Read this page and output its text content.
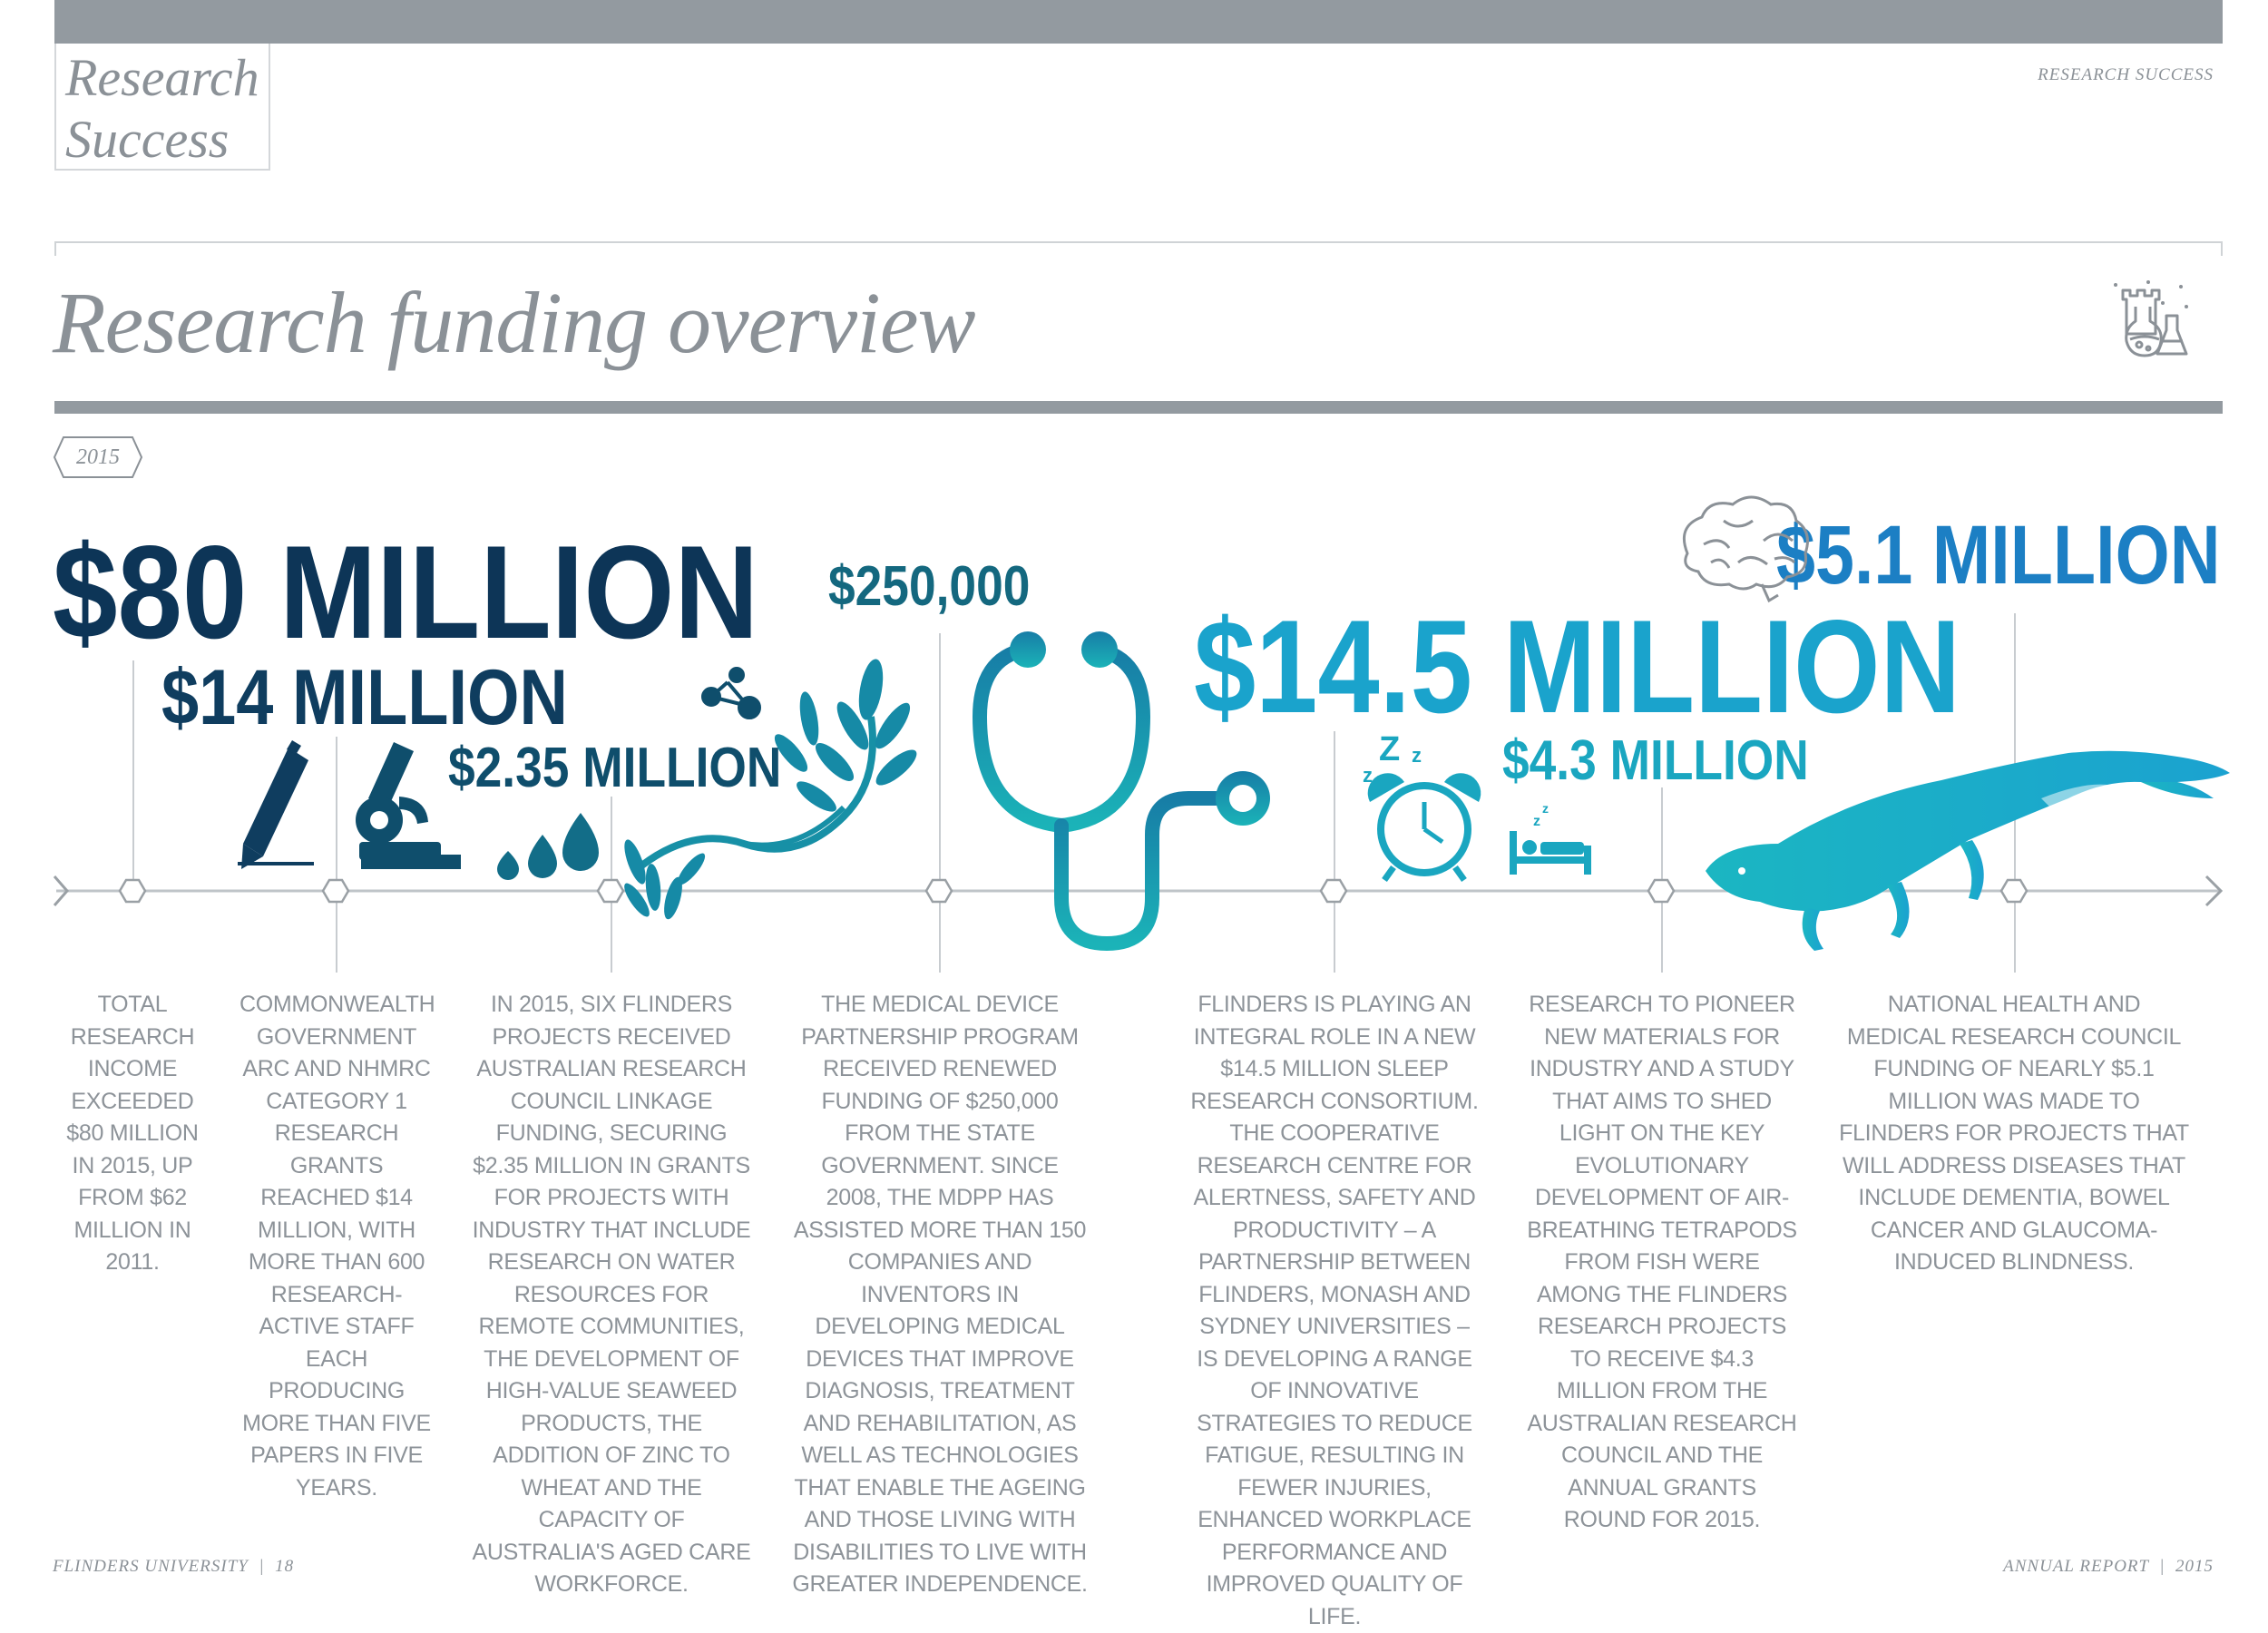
Research Success
RESEARCH SUCCESS
Research funding overview
2015
$80 MILLION
$14 MILLION
$2.35 MILLION
$250,000
$14.5 MILLION
$4.3 MILLION
$5.1 MILLION
z
Z z
z
z
TOTAL RESEARCH INCOME EXCEEDED $80 MILLION IN 2015, UP FROM $62 MILLION IN 2011.
COMMONWEALTH GOVERNMENT ARC AND NHMRC CATEGORY 1 RESEARCH GRANTS REACHED $14 MILLION, WITH MORE THAN 600 RESEARCH-ACTIVE STAFF EACH PRODUCING MORE THAN FIVE PAPERS IN FIVE YEARS.
IN 2015, SIX FLINDERS PROJECTS RECEIVED AUSTRALIAN RESEARCH COUNCIL LINKAGE FUNDING, SECURING $2.35 MILLION IN GRANTS FOR PROJECTS WITH INDUSTRY THAT INCLUDE RESEARCH ON WATER RESOURCES FOR REMOTE COMMUNITIES, THE DEVELOPMENT OF HIGH-VALUE SEAWEED PRODUCTS, THE ADDITION OF ZINC TO WHEAT AND THE CAPACITY OF AUSTRALIA'S AGED CARE WORKFORCE.
THE MEDICAL DEVICE PARTNERSHIP PROGRAM RECEIVED RENEWED FUNDING OF $250,000 FROM THE STATE GOVERNMENT. SINCE 2008, THE MDPP HAS ASSISTED MORE THAN 150 COMPANIES AND INVENTORS IN DEVELOPING MEDICAL DEVICES THAT IMPROVE DIAGNOSIS, TREATMENT AND REHABILITATION, AS WELL AS TECHNOLOGIES THAT ENABLE THE AGEING AND THOSE LIVING WITH DISABILITIES TO LIVE WITH GREATER INDEPENDENCE.
FLINDERS IS PLAYING AN INTEGRAL ROLE IN A NEW $14.5 MILLION SLEEP RESEARCH CONSORTIUM. THE COOPERATIVE RESEARCH CENTRE FOR ALERTNESS, SAFETY AND PRODUCTIVITY – A PARTNERSHIP BETWEEN FLINDERS, MONASH AND SYDNEY UNIVERSITIES – IS DEVELOPING A RANGE OF INNOVATIVE STRATEGIES TO REDUCE FATIGUE, RESULTING IN FEWER INJURIES, ENHANCED WORKPLACE PERFORMANCE AND IMPROVED QUALITY OF LIFE.
RESEARCH TO PIONEER NEW MATERIALS FOR INDUSTRY AND A STUDY THAT AIMS TO SHED LIGHT ON THE KEY EVOLUTIONARY DEVELOPMENT OF AIR-BREATHING TETRAPODS FROM FISH WERE AMONG THE FLINDERS RESEARCH PROJECTS TO RECEIVE $4.3 MILLION FROM THE AUSTRALIAN RESEARCH COUNCIL AND THE ANNUAL GRANTS ROUND FOR 2015.
NATIONAL HEALTH AND MEDICAL RESEARCH COUNCIL FUNDING OF NEARLY $5.1 MILLION WAS MADE TO FLINDERS FOR PROJECTS THAT WILL ADDRESS DISEASES THAT INCLUDE DEMENTIA, BOWEL CANCER AND GLAUCOMA-INDUCED BLINDNESS.
FLINDERS UNIVERSITY  |  18	ANNUAL REPORT  |  2015
